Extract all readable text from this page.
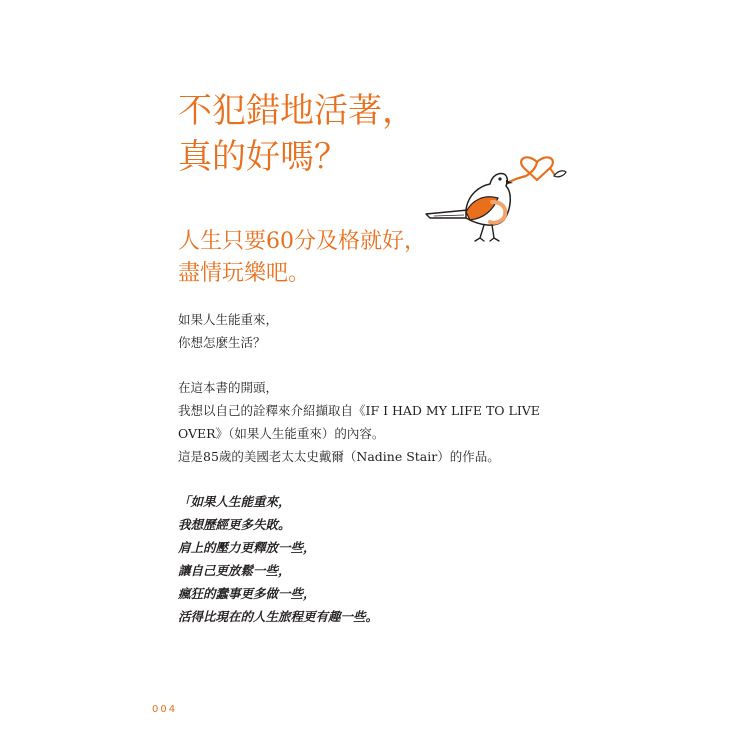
不犯錯地活著，
真的好嗎？
人生只要60分及格就好，
盡情玩樂吧。

如果人生能重來，
你想怎麼生活？

在這本書的開頭，
我想以自己的詮釋來介紹擷取自《IF I HAD MY LIFE TO LIVE
OVER》（如果人生能重來）的內容。
這是85歲的美國老太太史戴爾（Nadine Stair）的作品。

「如果人生能重來，
我想歷經更多失敗。
肩上的壓力更釋放一些，
讓自己更放鬆一些，
瘋狂的蠢事更多做一些，
活得比現在的人生旅程更有趣一些。

004
